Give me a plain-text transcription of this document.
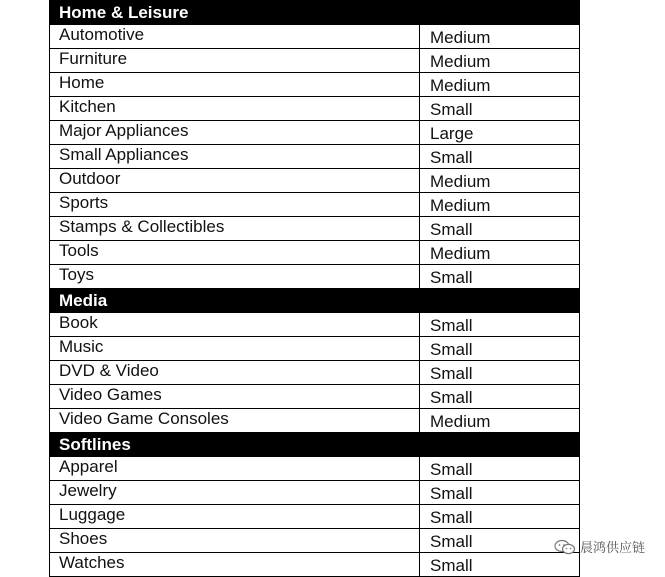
Home & Leisure	
Automotive	Medium
Furniture	Medium
Home	Medium
Kitchen	Small
Major Appliances	Large
Small Appliances	Small
Outdoor	Medium
Sports	Medium
Stamps & Collectibles	Small
Tools	Medium
Toys	Small
Media	
Book	Small
Music	Small
DVD & Video	Small
Video Games	Small
Video Game Consoles	Medium
Softlines	
Apparel	Small
Jewelry	Small
Luggage	Small
Shoes	Small
Watches	Small
晨鸿供应链
